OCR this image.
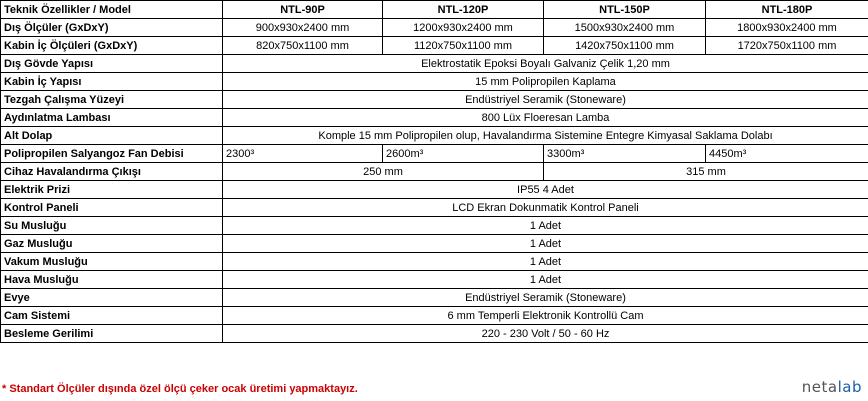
Teknik Özellikler / Model	NTL-90P	NTL-120P	NTL-150P	NTL-180P
Dış Ölçüler (GxDxY)	900x930x2400 mm	1200x930x2400 mm	1500x930x2400 mm	1800x930x2400 mm
Kabin İç Ölçüleri (GxDxY)	820x750x1100 mm	1120x750x1100 mm	1420x750x1100 mm	1720x750x1100 mm
Dış Gövde Yapısı	Elektrostatik Epoksi Boyalı Galvaniz Çelik 1,20 mm			
Kabin İç Yapısı	15 mm Polipropilen Kaplama			
Tezgah Çalışma Yüzeyi	Endüstriyel Seramik (Stoneware)			
Aydınlatma Lambası	800 Lüx Floeresan Lamba			
Alt Dolap	Komple 15 mm Polipropilen olup, Havalandırma Sistemine Entegre Kimyasal Saklama Dolabı			
Polipropilen Salyangoz Fan Debisi	2300³	2600m³	3300m³	4450m³
Cihaz Havalandırma Çıkışı	250 mm		315 mm	
Elektrik Prizi	IP55 4 Adet			
Kontrol Paneli	LCD Ekran Dokunmatik Kontrol Paneli			
Su Musluğu	1 Adet			
Gaz Musluğu	1 Adet			
Vakum Musluğu	1 Adet			
Hava Musluğu	1 Adet			
Evye	Endüstriyel Seramik (Stoneware)			
Cam Sistemi	6 mm Temperli Elektronik Kontrollü Cam			
Besleme Gerilimi	220 - 230 Volt / 50 - 60 Hz			
* Standart Ölçüler dışında özel ölçü çeker ocak üretimi yapmaktayız.	netalab
